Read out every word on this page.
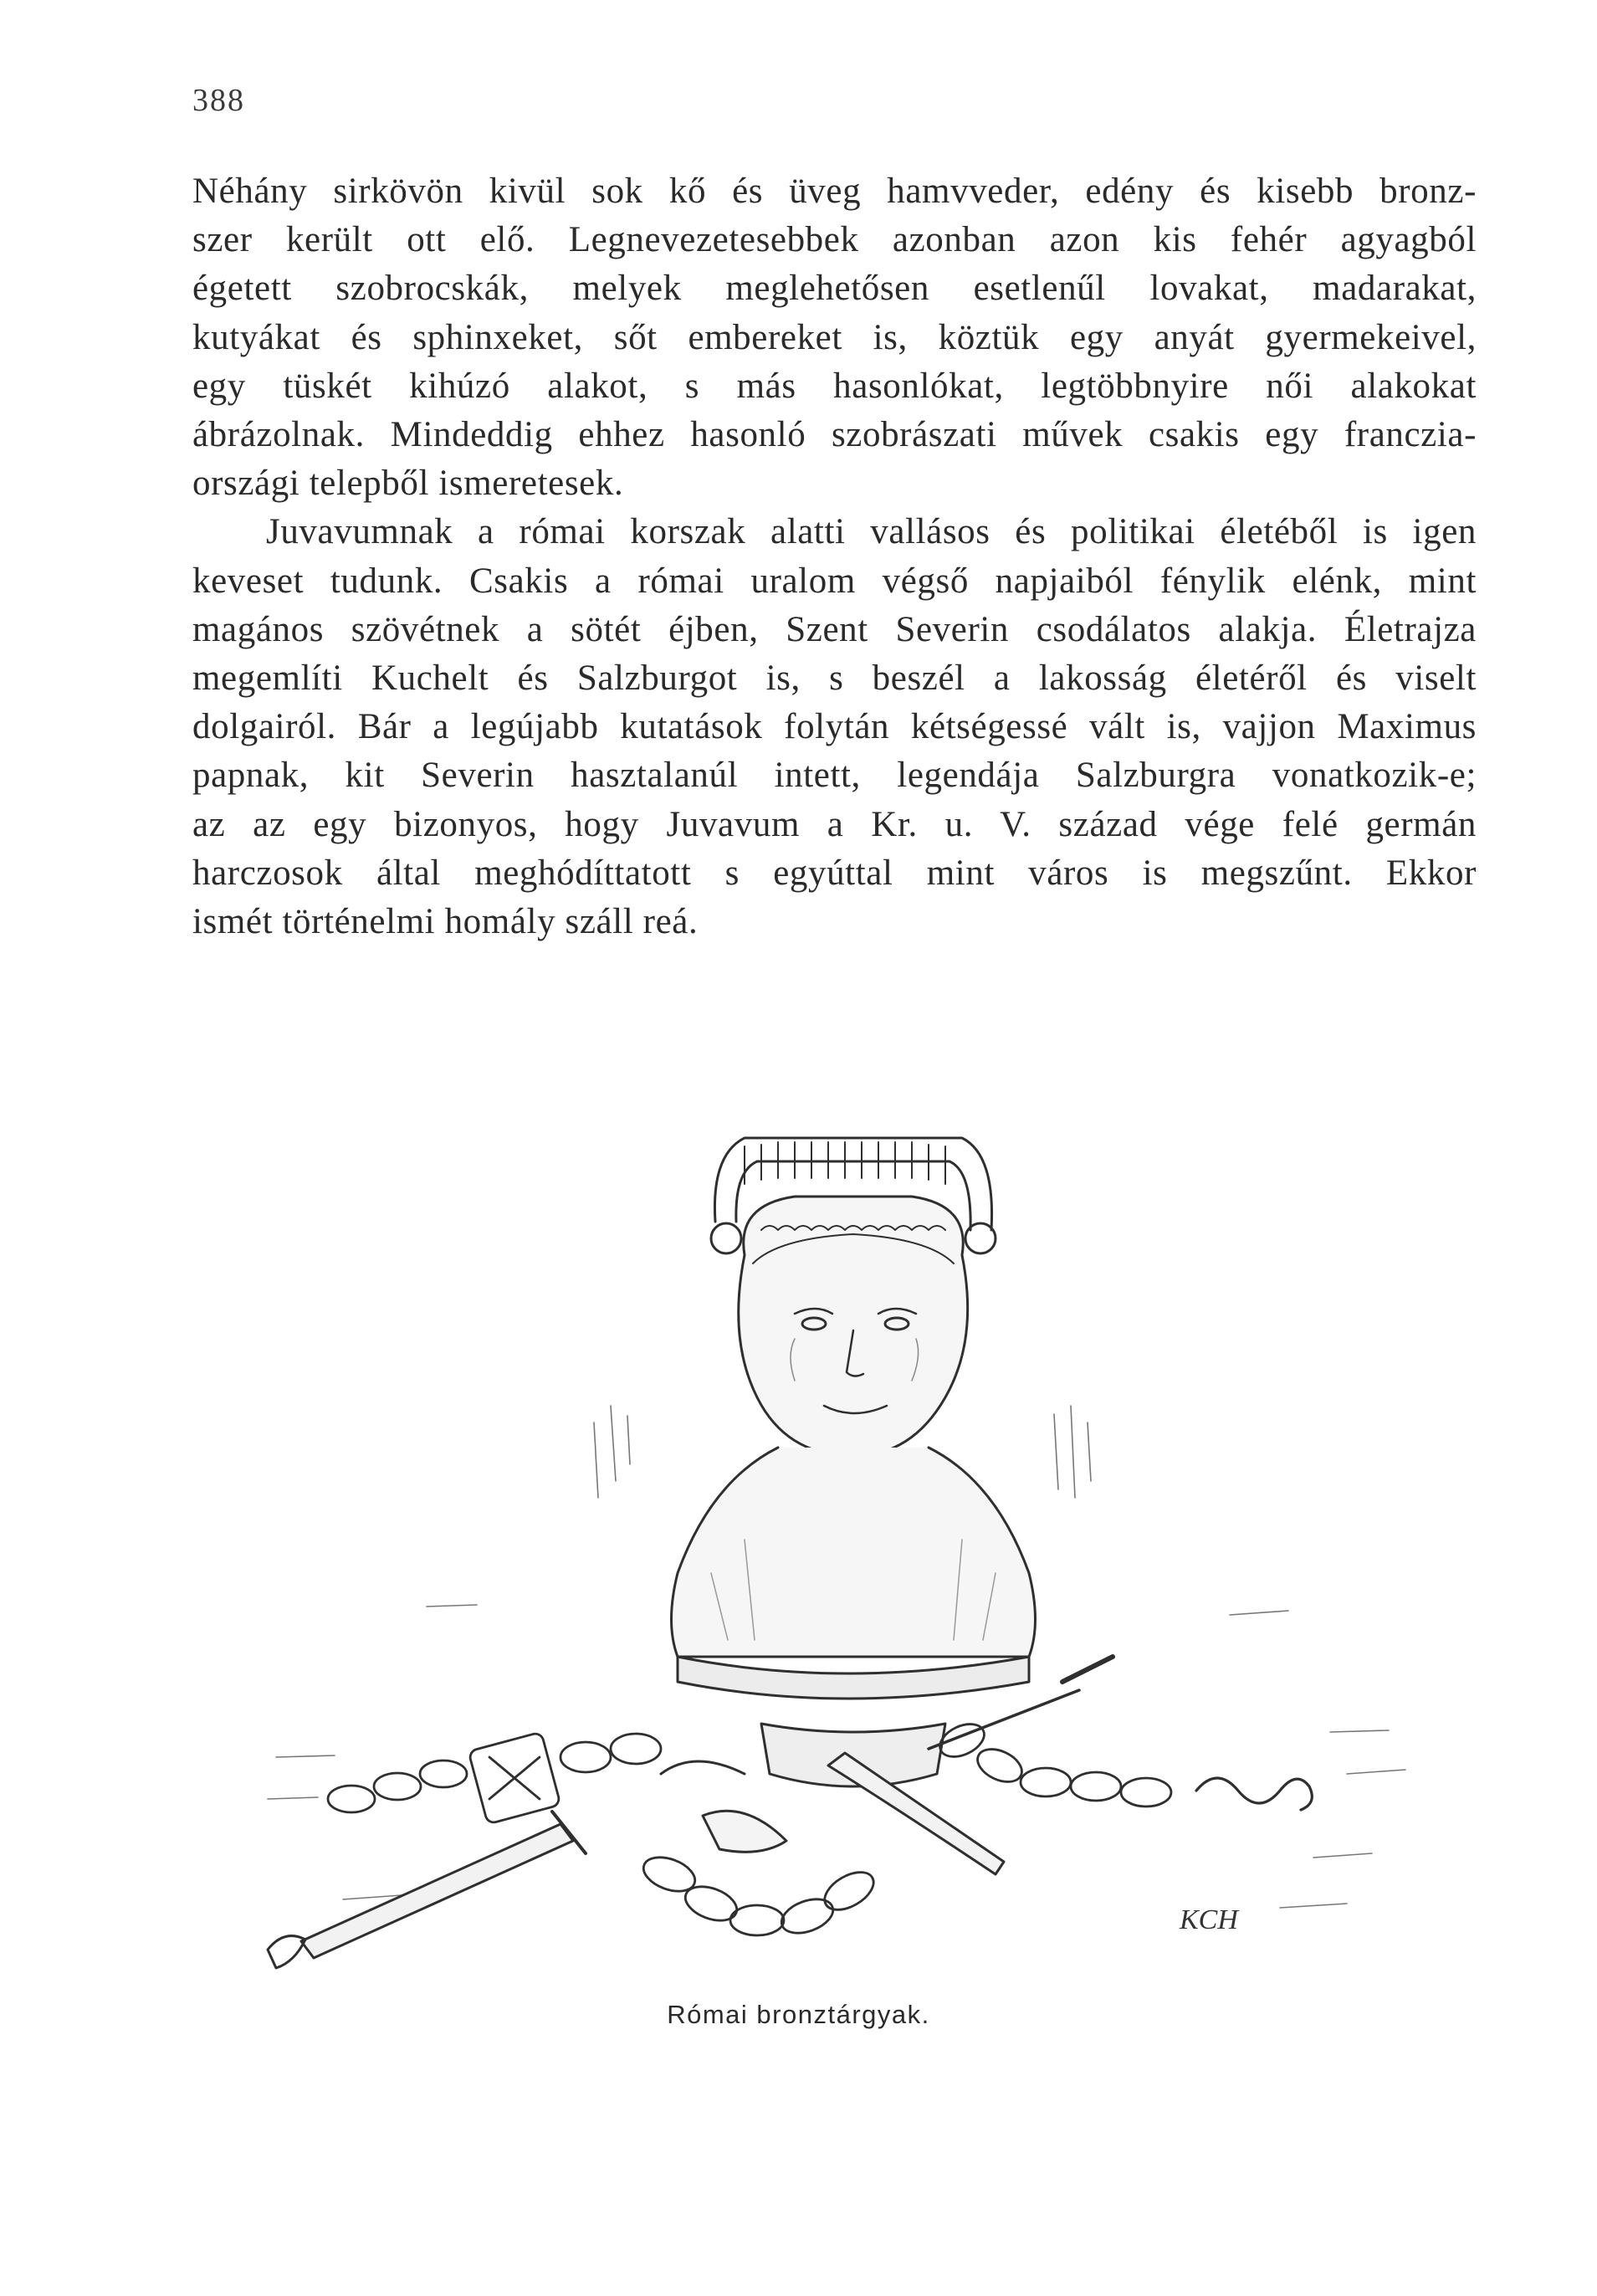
388

Néhány sirkövön kivül sok kő és üveg hamvveder, edény és kisebb bronz-
szer került ott elő. Legnevezetesebbek azonban azon kis fehér agyagból
égetett szobrocskák, melyek meglehetősen esetlenűl lovakat, madarakat,
kutyákat és sphinxeket, sőt embereket is, köztük egy anyát gyermekeivel,
egy tüskét kihúzó alakot, s más hasonlókat, legtöbbnyire női alakokat
ábrázolnak. Mindeddig ehhez hasonló szobrászati művek csakis egy franczia-
országi telepből ismeretesek.

Juvavumnak a római korszak alatti vallásos és politikai életéből is igen
keveset tudunk. Csakis a római uralom végső napjaiból fénylik elénk, mint
magános szövétnek a sötét éjben, Szent Severin csodálatos alakja. Életrajza
megemlíti Kuchelt és Salzburgot is, s beszél a lakosság életéről és viselt
dolgairól. Bár a legújabb kutatások folytán kétségessé vált is, vajjon Maximus
papnak, kit Severin hasztalanúl intett, legendája Salzburgra vonatkozik-e;
az az egy bizonyos, hogy Juvavum a Kr. u. V. század vége felé germán
harczosok által meghódíttatott s egyúttal mint város is megszűnt. Ekkor
ismét történelmi homály száll reá.

KCH
Római bronztárgyak.
